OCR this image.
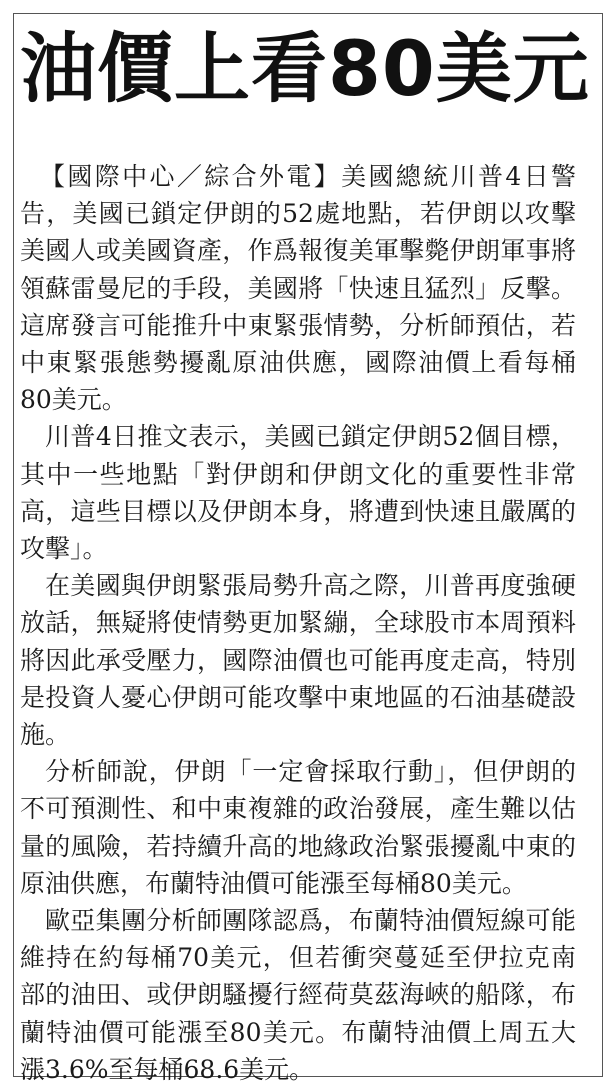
油價上看80美元

【國際中心／綜合外電】美國總統川普4日警告，美國已鎖定伊朗的52處地點，若伊朗以攻擊美國人或美國資產，作爲報復美軍擊斃伊朗軍事將領蘇雷曼尼的手段，美國將「快速且猛烈」反擊。這席發言可能推升中東緊張情勢，分析師預估，若中東緊張態勢擾亂原油供應，國際油價上看每桶80美元。

川普4日推文表示，美國已鎖定伊朗52個目標，其中一些地點「對伊朗和伊朗文化的重要性非常高，這些目標以及伊朗本身，將遭到快速且嚴厲的攻擊」。

在美國與伊朗緊張局勢升高之際，川普再度強硬放話，無疑將使情勢更加緊繃，全球股市本周預料將因此承受壓力，國際油價也可能再度走高，特別是投資人憂心伊朗可能攻擊中東地區的石油基礎設施。

分析師說，伊朗「一定會採取行動」，但伊朗的不可預測性、和中東複雜的政治發展，產生難以估量的風險，若持續升高的地緣政治緊張擾亂中東的原油供應，布蘭特油價可能漲至每桶80美元。

歐亞集團分析師團隊認爲，布蘭特油價短線可能維持在約每桶70美元，但若衝突蔓延至伊拉克南部的油田、或伊朗騷擾行經荷莫茲海峽的船隊，布蘭特油價可能漲至80美元。布蘭特油價上周五大漲3.6%至每桶68.6美元。
